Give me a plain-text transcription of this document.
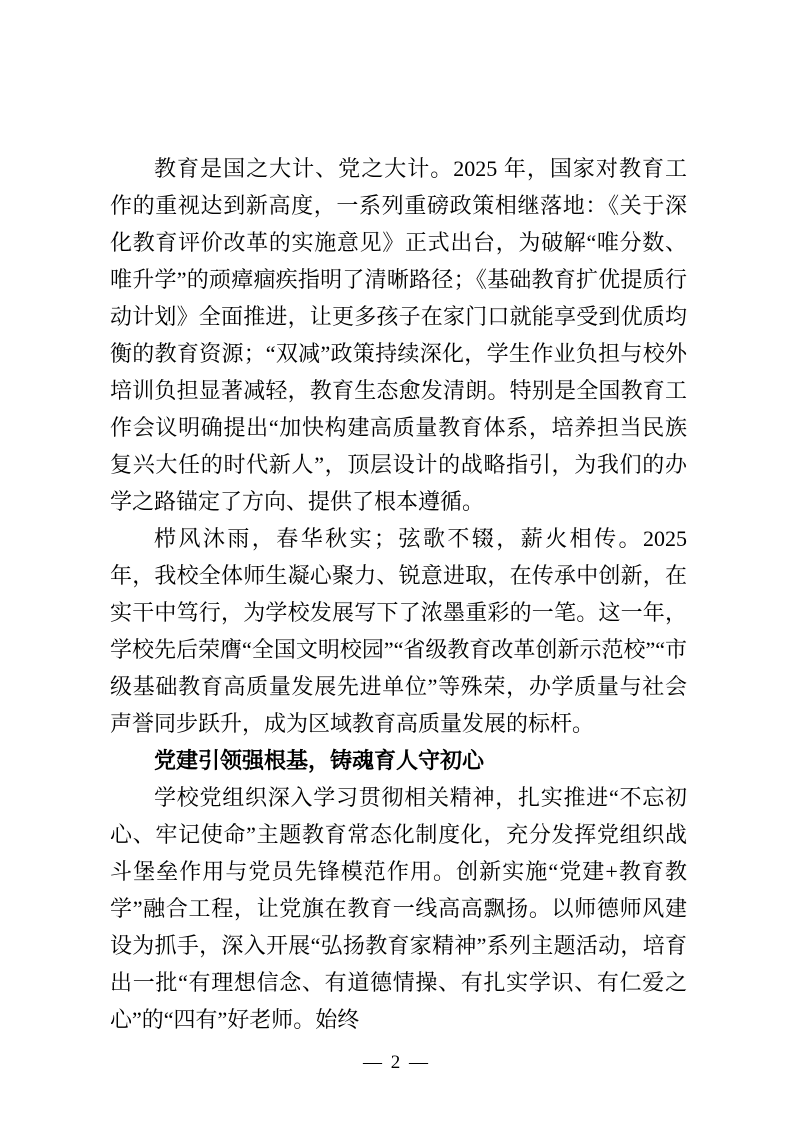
教育是国之大计、党之大计。2025 年，国家对教育工作的重视达到新高度，一系列重磅政策相继落地：《关于深化教育评价改革的实施意见》正式出台，为破解“唯分数、唯升学”的顽瘴痼疾指明了清晰路径；《基础教育扩优提质行动计划》全面推进，让更多孩子在家门口就能享受到优质均衡的教育资源；“双减”政策持续深化，学生作业负担与校外培训负担显著减轻，教育生态愈发清朗。特别是全国教育工作会议明确提出“加快构建高质量教育体系，培养担当民族复兴大任的时代新人”，顶层设计的战略指引，为我们的办学之路锚定了方向、提供了根本遵循。

栉风沐雨，春华秋实；弦歌不辍，薪火相传。2025 年，我校全体师生凝心聚力、锐意进取，在传承中创新，在实干中笃行，为学校发展写下了浓墨重彩的一笔。这一年，学校先后荣膺“全国文明校园”“省级教育改革创新示范校”“市级基础教育高质量发展先进单位”等殊荣，办学质量与社会声誉同步跃升，成为区域教育高质量发展的标杆。

党建引领强根基，铸魂育人守初心

学校党组织深入学习贯彻相关精神，扎实推进“不忘初心、牢记使命”主题教育常态化制度化，充分发挥党组织战斗堡垒作用与党员先锋模范作用。创新实施“党建+教育教学”融合工程，让党旗在教育一线高高飘扬。以师德师风建设为抓手，深入开展“弘扬教育家精神”系列主题活动，培育出一批“有理想信念、有道德情操、有扎实学识、有仁爱之心”的“四有”好老师。始终

— 2 —
